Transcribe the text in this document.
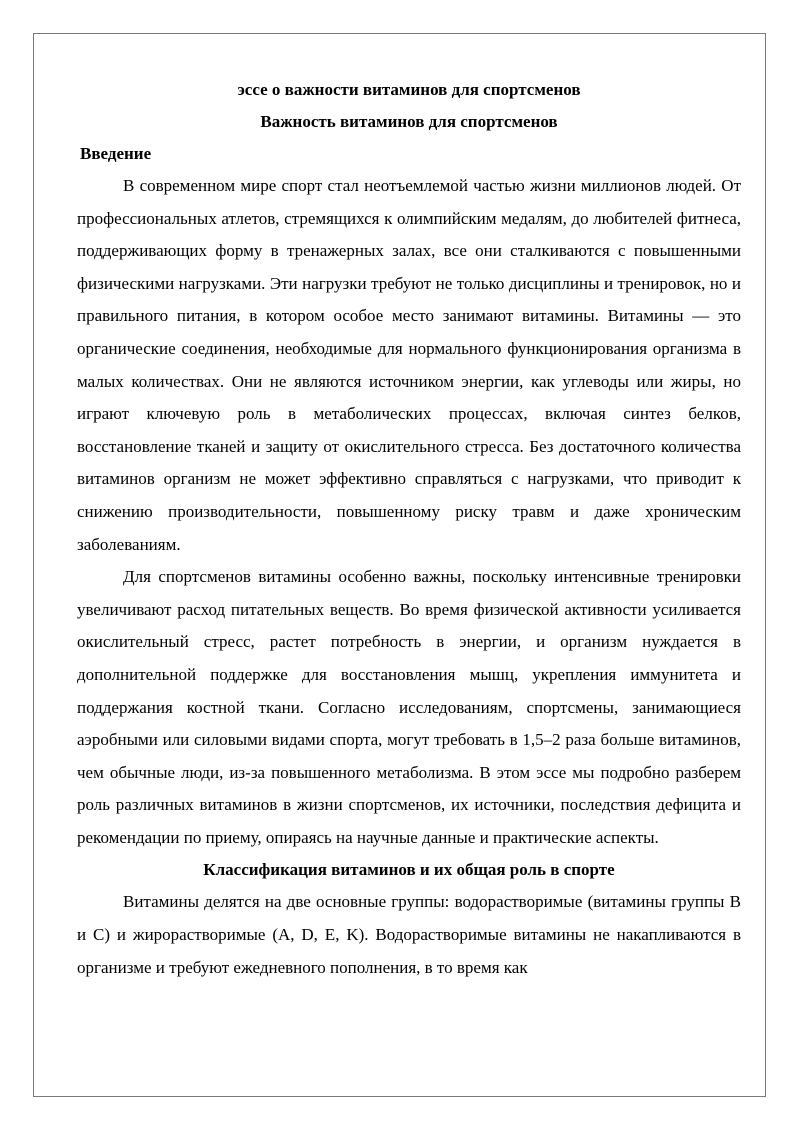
эссе о важности витаминов для спортсменов

Важность витаминов для спортсменов

Введение

В современном мире спорт стал неотъемлемой частью жизни миллионов людей. От профессиональных атлетов, стремящихся к олимпийским медалям, до любителей фитнеса, поддерживающих форму в тренажерных залах, все они сталкиваются с повышенными физическими нагрузками. Эти нагрузки требуют не только дисциплины и тренировок, но и правильного питания, в котором особое место занимают витамины. Витамины — это органические соединения, необходимые для нормального функционирования организма в малых количествах. Они не являются источником энергии, как углеводы или жиры, но играют ключевую роль в метаболических процессах, включая синтез белков, восстановление тканей и защиту от окислительного стресса. Без достаточного количества витаминов организм не может эффективно справляться с нагрузками, что приводит к снижению производительности, повышенному риску травм и даже хроническим заболеваниям.

Для спортсменов витамины особенно важны, поскольку интенсивные тренировки увеличивают расход питательных веществ. Во время физической активности усиливается окислительный стресс, растет потребность в энергии, и организм нуждается в дополнительной поддержке для восстановления мышц, укрепления иммунитета и поддержания костной ткани. Согласно исследованиям, спортсмены, занимающиеся аэробными или силовыми видами спорта, могут требовать в 1,5–2 раза больше витаминов, чем обычные люди, из-за повышенного метаболизма. В этом эссе мы подробно разберем роль различных витаминов в жизни спортсменов, их источники, последствия дефицита и рекомендации по приему, опираясь на научные данные и практические аспекты.

Классификация витаминов и их общая роль в спорте

Витамины делятся на две основные группы: водорастворимые (витамины группы B и C) и жирорастворимые (A, D, E, K). Водорастворимые витамины не накапливаются в организме и требуют ежедневного пополнения, в то время как
